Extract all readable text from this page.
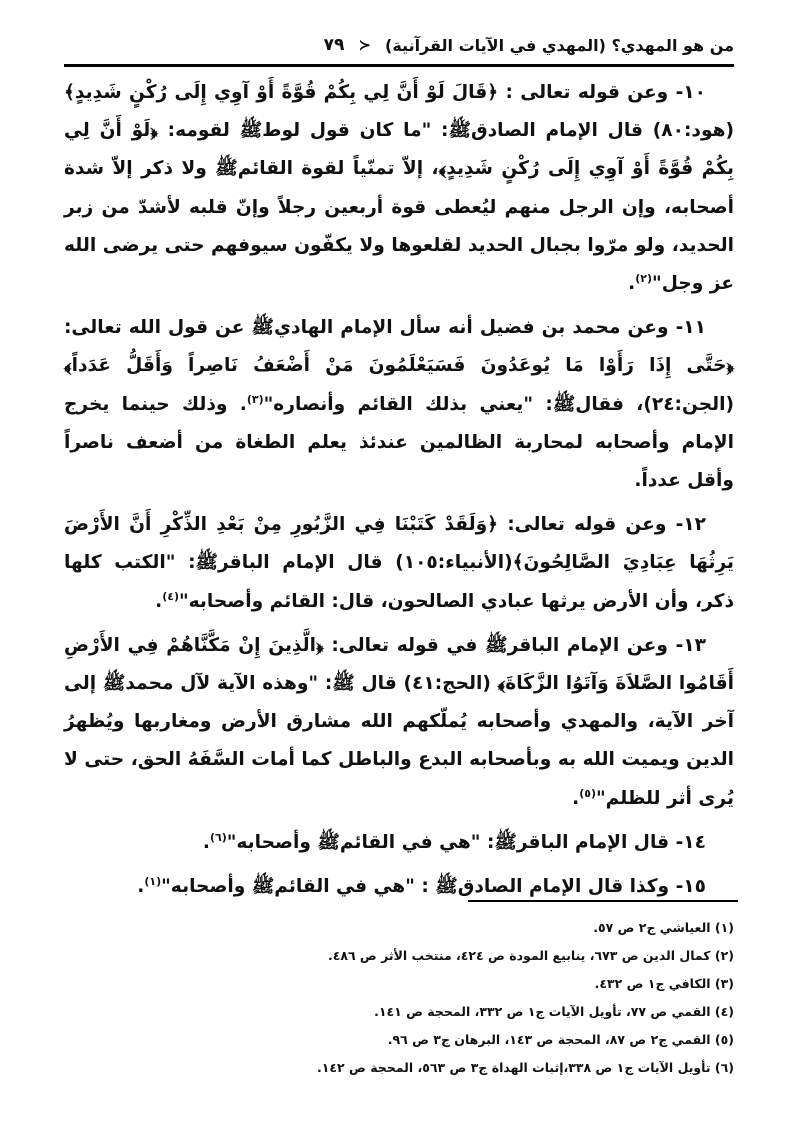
من هو المهدي؟ (المهدي في الآيات القرآنية)
≺
٧٩

١٠- وعن قوله تعالى : ﴿قَالَ لَوْ أَنَّ لِي بِكُمْ قُوَّةً أَوْ آوِي إِلَى رُكْنٍ شَدِيدٍ﴾ (هود:٨٠) قال الإمام الصادقﷺ: "ما كان قول لوطﷺ لقومه: ﴿لَوْ أَنَّ لِي بِكُمْ قُوَّةً أَوْ آوِي إِلَى رُكْنٍ شَدِيدٍ﴾، إلاّ تمنّياً لقوة القائمﷺ ولا ذكر إلاّ شدة أصحابه، وإن الرجل منهم ليُعطى قوة أربعين رجلاً وإنّ قلبه لأشدّ من زبر الحديد، ولو مرّوا بجبال الحديد لقلعوها ولا يكفّون سيوفهم حتى يرضى الله عز وجل"$^{(٢)}$.

١١- وعن محمد بن فضيل أنه سأل الإمام الهاديﷺ عن قول الله تعالى: ﴿حَتَّى إِذَا رَأَوْا مَا يُوعَدُونَ فَسَيَعْلَمُونَ مَنْ أَضْعَفُ نَاصِراً وَأَقَلُّ عَدَداً﴾(الجن:٢٤)، فقالﷺ: "يعني بذلك القائم وأنصاره"$^{(٣)}$. وذلك حينما يخرج الإمام وأصحابه لمحاربة الظالمين عندئذ يعلم الطغاة من أضعف ناصراً وأقل عدداً.

١٢- وعن قوله تعالى: ﴿وَلَقَدْ كَتَبْنَا فِي الزَّبُورِ مِنْ بَعْدِ الذِّكْرِ أَنَّ الأَرْضَ يَرِثُهَا عِبَادِيَ الصَّالِحُونَ﴾(الأنبياء:١٠٥) قال الإمام الباقرﷺ: "الكتب كلها ذكر، وأن الأرض يرثها عبادي الصالحون، قال: القائم وأصحابه"$^{(٤)}$.

١٣- وعن الإمام الباقرﷺ في قوله تعالى: ﴿الَّذِينَ إِنْ مَكَّنَّاهُمْ فِي الأَرْضِ أَقَامُوا الصَّلاَةَ وَآتَوُا الزَّكَاةَ﴾ (الحج:٤١) قال ﷺ: "وهذه الآية لآل محمدﷺ إلى آخر الآية، والمهدي وأصحابه يُملّكهم الله مشارق الأرض ومغاربها ويُظهرُ الدين ويميت الله به وبأصحابه البدع والباطل كما أمات السَّفَهُ الحق، حتى لا يُرى أثر للظلم"$^{(٥)}$.

١٤- قال الإمام الباقرﷺ: "هي في القائمﷺ وأصحابه"$^{(٦)}$.

١٥- وكذا قال الإمام الصادقﷺ : "هي في القائمﷺ وأصحابه"$^{(١)}$.

(١) العياشي ج٢ ص ٥٧.

(٢) كمال الدين ص ٦٧٣، ينابيع المودة ص ٤٢٤، منتخب الأثر ص ٤٨٦.

(٣) الكافي ج١ ص ٤٣٢.

(٤) القمي ص ٧٧، تأويل الآيات ج١ ص ٣٣٢، المحجة ص ١٤١.

(٥) القمي ج٢ ص ٨٧، المحجة ص ١٤٣، البرهان ج٣ ص ٩٦.

(٦) تأويل الآيات ج١ ص ٣٣٨،إثبات الهداة ج٣ ص ٥٦٣، المحجة ص ١٤٢.
